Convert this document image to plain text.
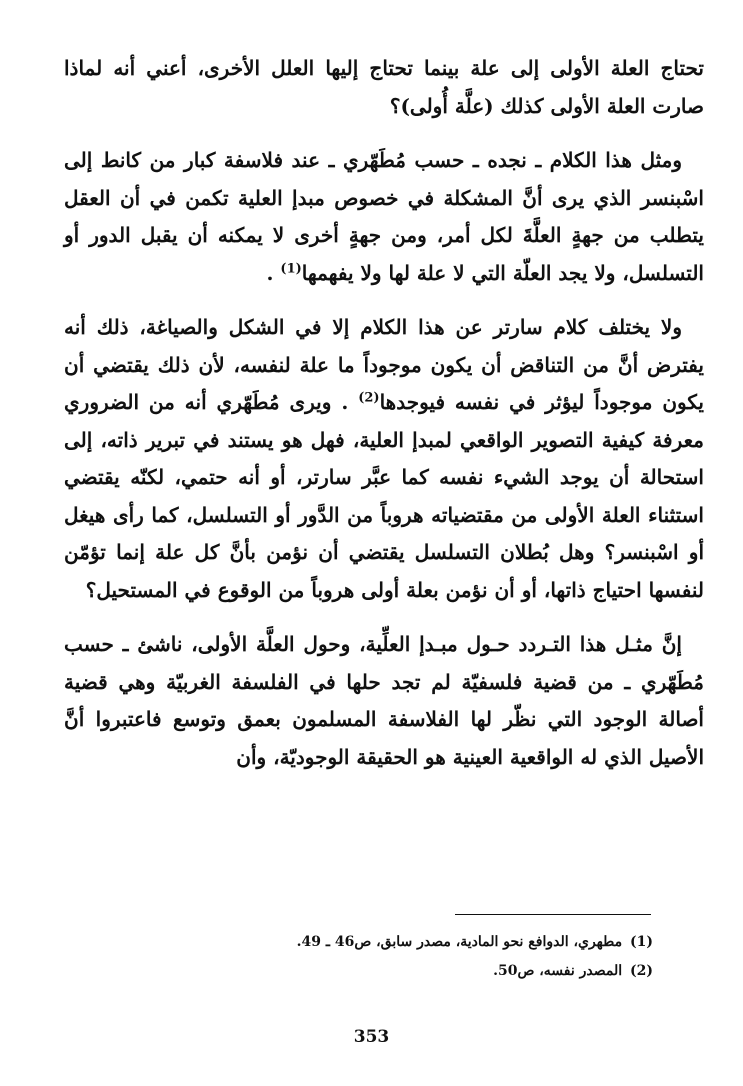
تحتاج العلة الأولى إلى علة بينما تحتاج إليها العلل الأخرى، أعني أنه لماذا صارت العلة الأولى كذلك (علَّة أُولى)؟

ومثل هذا الكلام ـ نجده ـ حسب مُطَهّري ـ عند فلاسفة كبار من كانط إلى اسْبنسر الذي يرى أنَّ المشكلة في خصوص مبدإ العلية تكمن في أن العقل يتطلب من جهةٍ العلَّةَ لكل أمر، ومن جهةٍ أخرى لا يمكنه أن يقبل الدور أو التسلسل، ولا يجد العلّة التي لا علة لها ولا يفهمها$^{(1)}$ .

ولا يختلف كلام سارتر عن هذا الكلام إلا في الشكل والصياغة، ذلك أنه يفترض أنَّ من التناقض أن يكون موجوداً ما علة لنفسه، لأن ذلك يقتضي أن يكون موجوداً ليؤثر في نفسه فيوجدها$^{(2)}$ . ويرى مُطَهّري أنه من الضروري معرفة كيفية التصوير الواقعي لمبدإ العلية، فهل هو يستند في تبرير ذاته، إلى استحالة أن يوجد الشيء نفسه كما عبَّر سارتر، أو أنه حتمي، لكنّه يقتضي استثناء العلة الأولى من مقتضياته هروباً من الدَّور أو التسلسل، كما رأى هيغل أو اسْبنسر؟ وهل بُطلان التسلسل يقتضي أن نؤمن بأنَّ كل علة إنما تؤمّن لنفسها احتياج ذاتها، أو أن نؤمن بعلة أولى هروباً من الوقوع في المستحيل؟

إنَّ مثـل هذا التـردد حـول مبـدإ العلِّية، وحول العلَّة الأولى، ناشئ ـ حسب مُطَهّري ـ من قضية فلسفيّة لم تجد حلها في الفلسفة الغربيّة وهي قضية أصالة الوجود التي نظّر لها الفلاسفة المسلمون بعمق وتوسع فاعتبروا أنَّ الأصيل الذي له الواقعية العينية هو الحقيقة الوجوديّة، وأن

(1) مطهري، الدوافع نحو المادية، مصدر سابق، ص46 ـ 49.

(2) المصدر نفسه، ص50.

353
